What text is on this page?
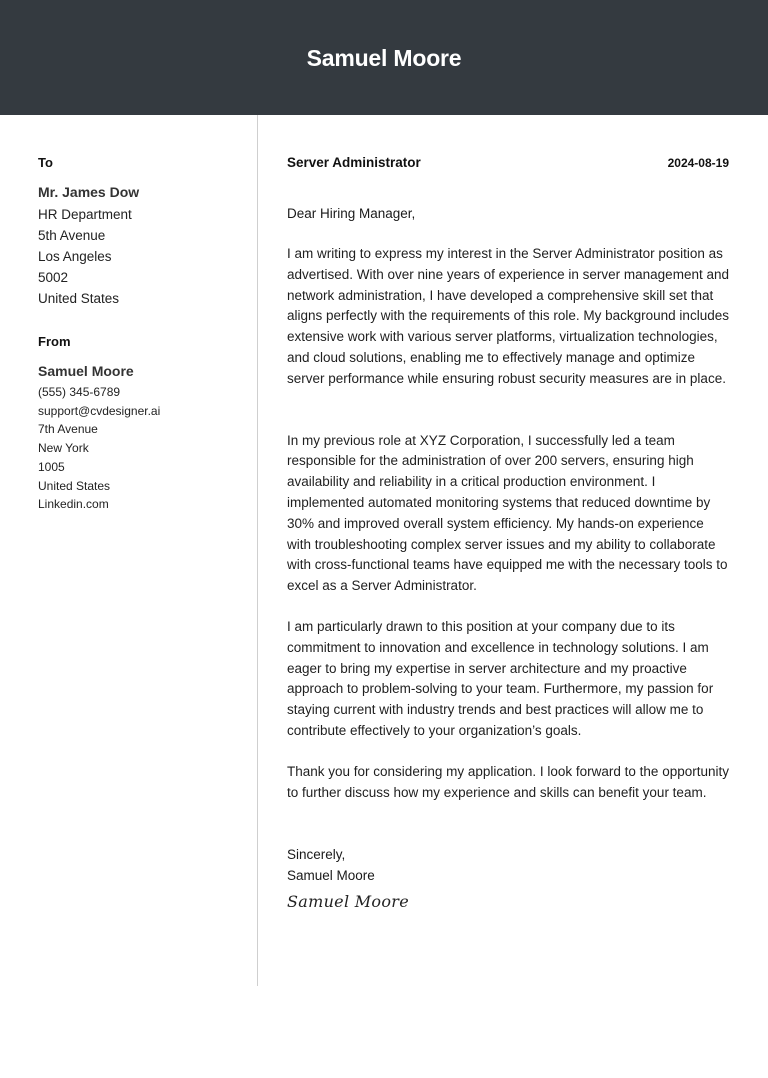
Samuel Moore
To
Mr. James Dow
HR Department
5th Avenue
Los Angeles
5002
United States
From
Samuel Moore
(555) 345-6789
support@cvdesigner.ai
7th Avenue
New York
1005
United States
Linkedin.com
Server Administrator	2024-08-19
Dear Hiring Manager,

I am writing to express my interest in the Server Administrator position as advertised. With over nine years of experience in server management and network administration, I have developed a comprehensive skill set that aligns perfectly with the requirements of this role. My background includes extensive work with various server platforms, virtualization technologies, and cloud solutions, enabling me to effectively manage and optimize server performance while ensuring robust security measures are in place.

In my previous role at XYZ Corporation, I successfully led a team responsible for the administration of over 200 servers, ensuring high availability and reliability in a critical production environment. I implemented automated monitoring systems that reduced downtime by 30% and improved overall system efficiency. My hands-on experience with troubleshooting complex server issues and my ability to collaborate with cross-functional teams have equipped me with the necessary tools to excel as a Server Administrator.

I am particularly drawn to this position at your company due to its commitment to innovation and excellence in technology solutions. I am eager to bring my expertise in server architecture and my proactive approach to problem-solving to your team. Furthermore, my passion for staying current with industry trends and best practices will allow me to contribute effectively to your organization’s goals.

Thank you for considering my application. I look forward to the opportunity to further discuss how my experience and skills can benefit your team.

Sincerely,
Samuel Moore
Samuel Moore
